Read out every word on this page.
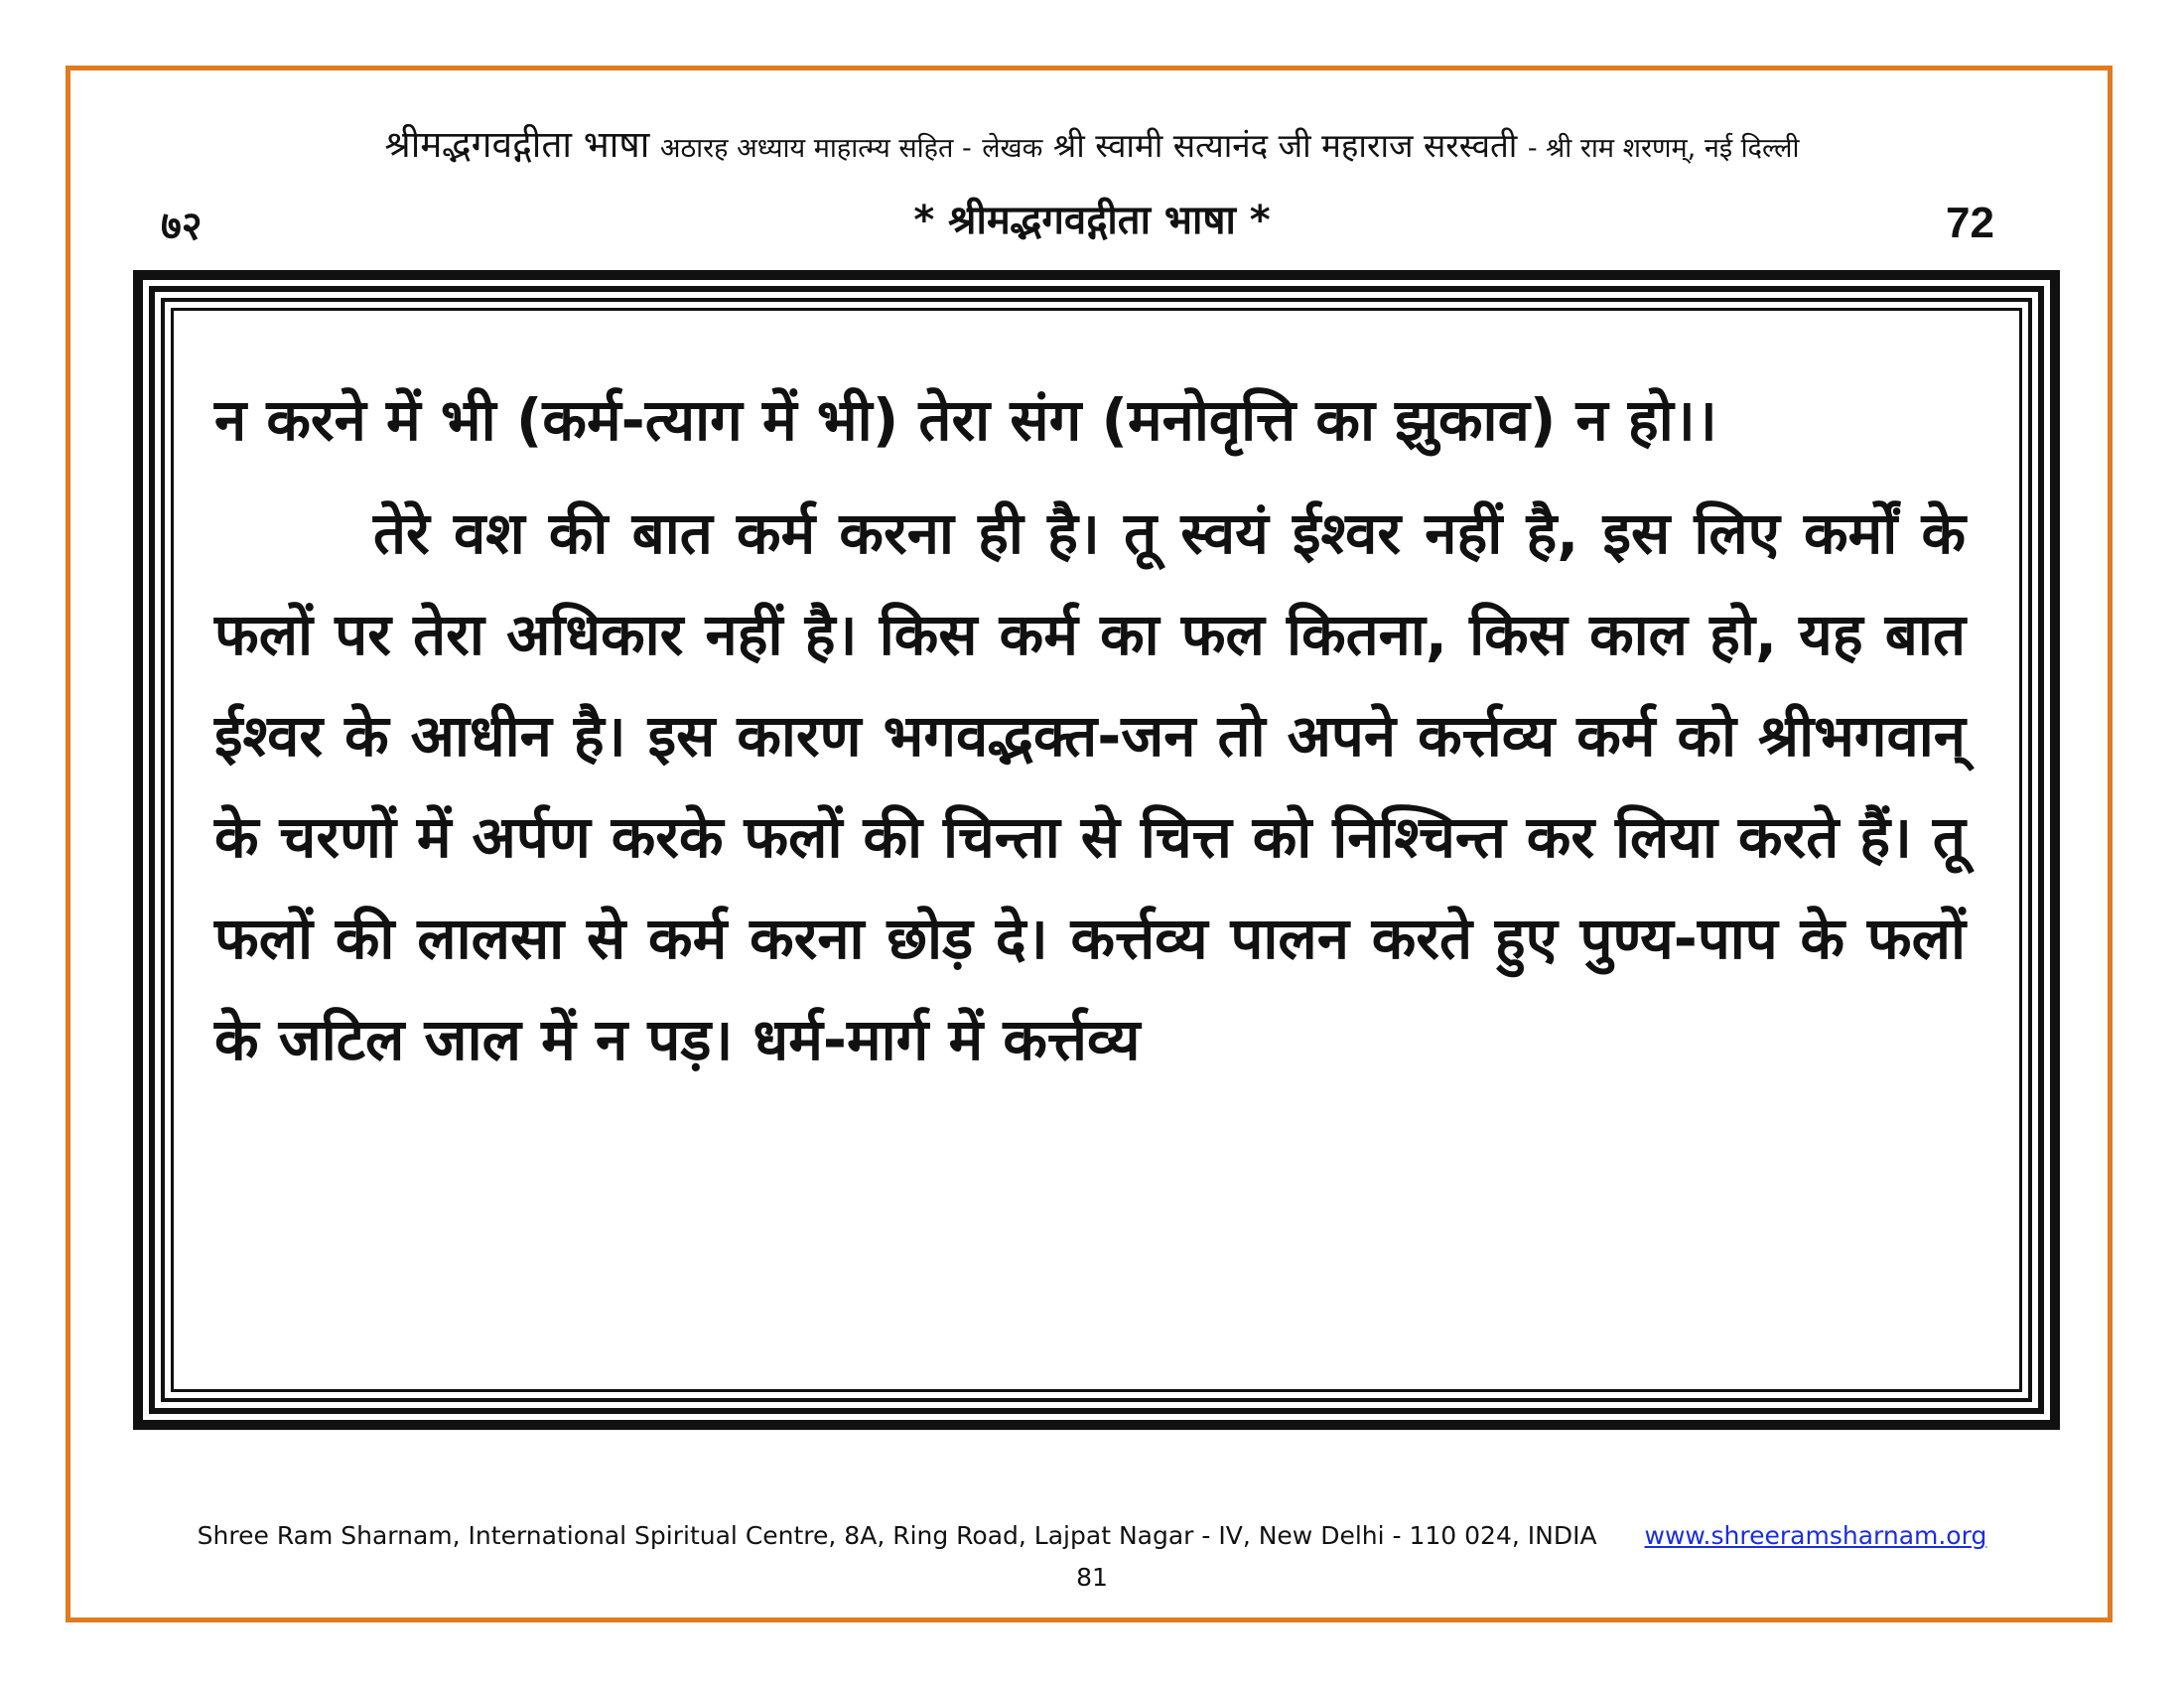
श्रीमद्भगवद्गीता भाषा अठारह अध्याय माहात्म्य सहित - लेखक श्री स्वामी सत्यानंद जी महाराज सरस्वती - श्री राम शरणम्, नई दिल्ली
७२	* श्रीमद्भगवद्गीता भाषा *	72

न करने में भी (कर्म-त्याग में भी) तेरा संग (मनोवृत्ति का झुकाव) न हो।।

तेरे वश की बात कर्म करना ही है। तू स्वयं ईश्वर नहीं है, इस लिए कर्मों के फलों पर तेरा अधिकार नहीं है। किस कर्म का फल कितना, किस काल हो, यह बात ईश्वर के आधीन है। इस कारण भगवद्भक्त-जन तो अपने कर्त्तव्य कर्म को श्रीभगवान् के चरणों में अर्पण करके फलों की चिन्ता से चित्त को निश्चिन्त कर लिया करते हैं। तू फलों की लालसा से कर्म करना छोड़ दे। कर्त्तव्य पालन करते हुए पुण्य-पाप के फलों के जटिल जाल में न पड़। धर्म-मार्ग में कर्त्तव्य

Shree Ram Sharnam, International Spiritual Centre, 8A, Ring Road, Lajpat Nagar - IV, New Delhi - 110 024, INDIA www.shreeramsharnam.org
81
